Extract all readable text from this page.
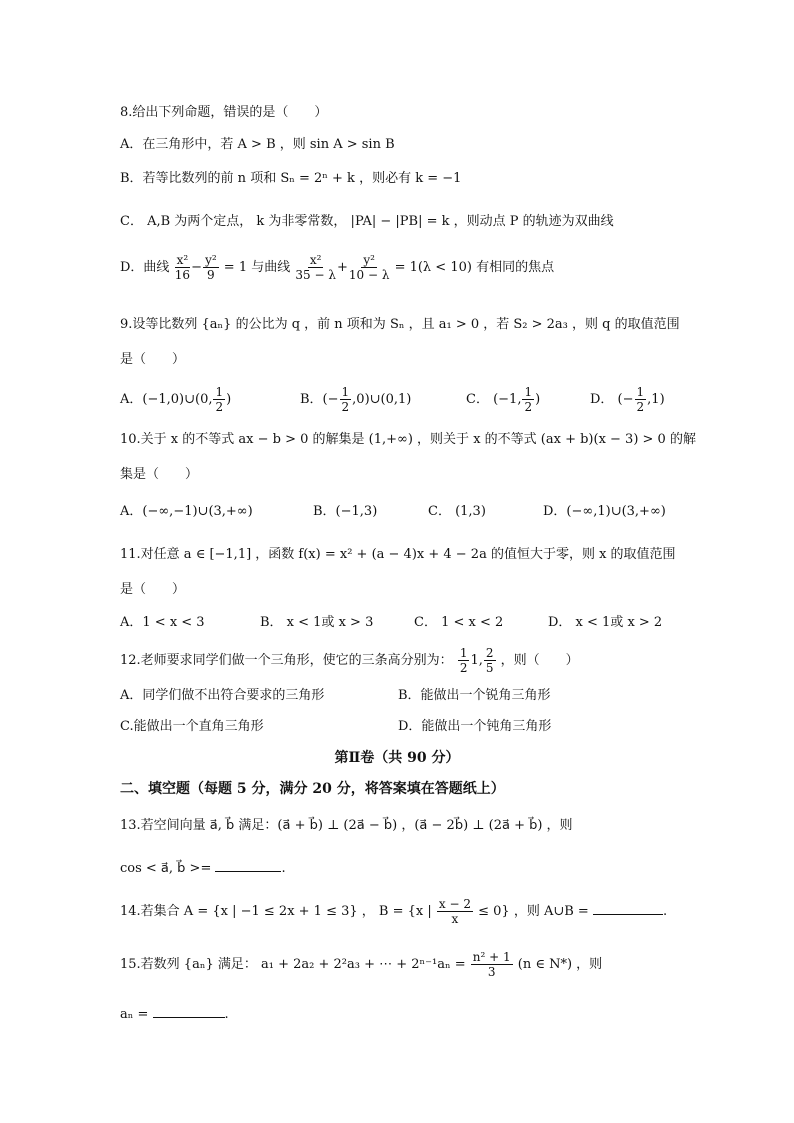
8.给出下列命题，错误的是（　　）
A．在三角形中，若 A > B ，则 sin A > sin B
B．若等比数列的前 n 项和 Sₙ = 2ⁿ + k ，则必有 k = −1
C． A,B 为两个定点， k 为非零常数， |PA| − |PB| = k ，则动点 P 的轨迹为双曲线
D．曲线 $\frac{\text{x²}}{16} - \frac{\text{y²}}{9} = 1$ 与曲线 $\frac{\text{x²}}{35 - \lambda} + \frac{\text{y²}}{10 - \lambda} = 1(\lambda < 10)$ 有相同的焦点
9.设等比数列 {aₙ} 的公比为 q ，前 n 项和为 Sₙ ，且 a₁ > 0 ，若 S₂ > 2a₃ ，则 q 的取值范围
是（　　）
A．(−1,0)∪(0, $\frac{1}{2}$ )	B．(− $\frac{1}{2}$ ,0)∪(0,1)	C． (−1, $\frac{1}{2}$ )	D． (− $\frac{1}{2} ,1$)
10.关于 x 的不等式 ax − b > 0 的解集是 (1,+∞) ，则关于 x 的不等式 (ax + b)(x − 3) > 0 的解
集是（　　）
A．(−∞,−1)∪(3,+∞)	B．(−1,3)	C． (1,3)	D．(−∞,1)∪(3,+∞)
11.对任意 a ∈ [−1,1] ，函数 f(x) = x² + (a − 4)x + 4 − 2a 的值恒大于零，则 x 的取值范围
是（　　）
A．1 < x < 3	B． x < 1或 x > 3	C． 1 < x < 2	D． x < 1或 x > 2
12.老师要求同学们做一个三角形，使它的三条高分别为： $\frac{1}{2} 1$, $\frac{2}{5}$ ，则（　　）
A．同学们做不出符合要求的三角形	B．能做出一个锐角三角形
C.能做出一个直角三角形	D．能做出一个钝角三角形
第Ⅱ卷（共 90 分）
二、填空题（每题 5 分，满分 20 分，将答案填在答题纸上）
13.若空间向量 a⃗, b⃗ 满足：(a⃗ + b⃗) ⊥ (2a⃗ − b⃗) ，(a⃗ − 2b⃗) ⊥ (2a⃗ + b⃗) ，则
cos < a⃗, b⃗ >=	.
14.若集合 A = {x | −1 ≤ 2x + 1 ≤ 3} ， B = {x | $\frac{x - 2}{x} \le 0$} ，则 A∪B =	.
15.若数列 {aₙ} 满足： a₁ + 2a₂ + 2²a₃ + ⋯ + $2^{n-1}a_n = \frac{\text{n² + 1}}{3} (n$ ∈ N*) ，则
aₙ =	.
